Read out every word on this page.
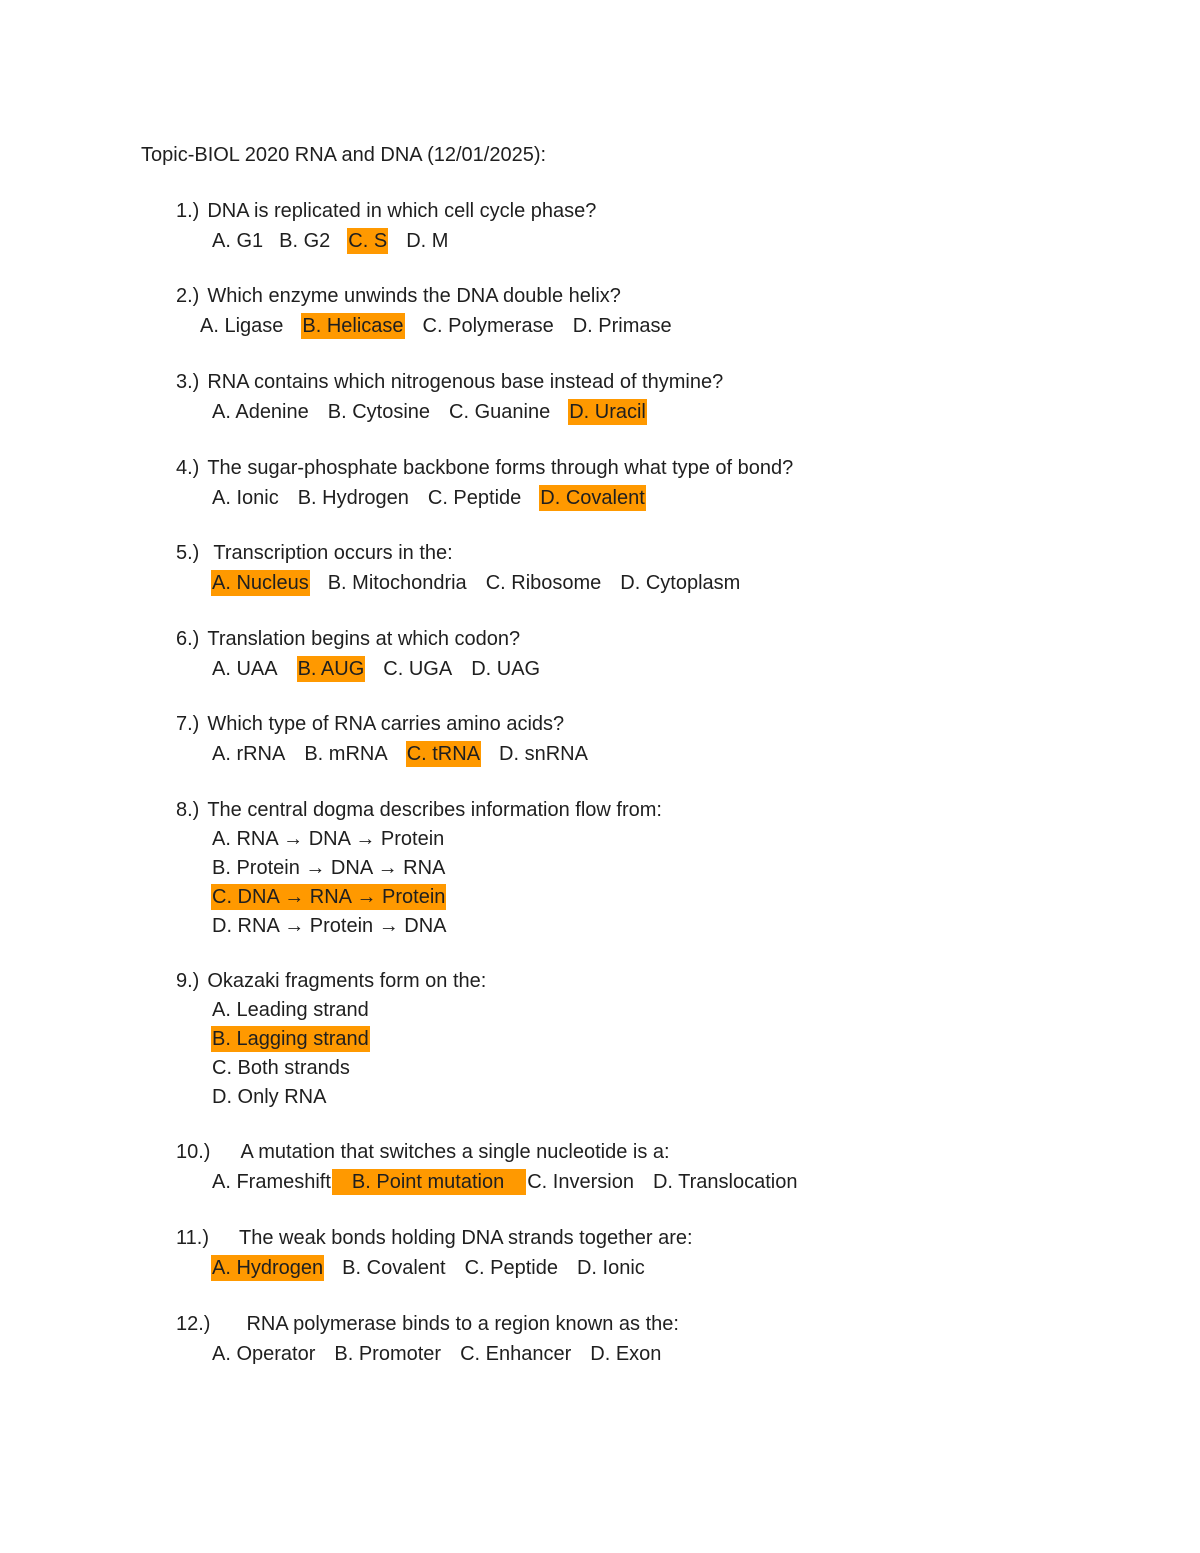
Topic-BIOL 2020 RNA and DNA (12/01/2025):
1.) DNA is replicated in which cell cycle phase?
A. G1 B. G2 C. S D. M
2.) Which enzyme unwinds the DNA double helix?
A. Ligase B. Helicase C. Polymerase D. Primase
3.) RNA contains which nitrogenous base instead of thymine?
A. Adenine B. Cytosine C. Guanine D. Uracil
4.) The sugar-phosphate backbone forms through what type of bond?
A. Ionic B. Hydrogen C. Peptide D. Covalent
5.) Transcription occurs in the:
A. Nucleus B. Mitochondria C. Ribosome D. Cytoplasm
6.) Translation begins at which codon?
A. UAA B. AUG C. UGA D. UAG
7.) Which type of RNA carries amino acids?
A. rRNA B. mRNA C. tRNA D. snRNA
8.) The central dogma describes information flow from:
A. RNA → DNA → Protein
B. Protein → DNA → RNA
C. DNA → RNA → Protein
D. RNA → Protein → DNA
9.) Okazaki fragments form on the:
A. Leading strand
B. Lagging strand
C. Both strands
D. Only RNA
10.) A mutation that switches a single nucleotide is a:
A. Frameshift	B. Point mutation	C. Inversion D. Translocation
11.) The weak bonds holding DNA strands together are:
A. Hydrogen B. Covalent C. Peptide D. Ionic
12.) RNA polymerase binds to a region known as the:
A. Operator B. Promoter C. Enhancer D. Exon
